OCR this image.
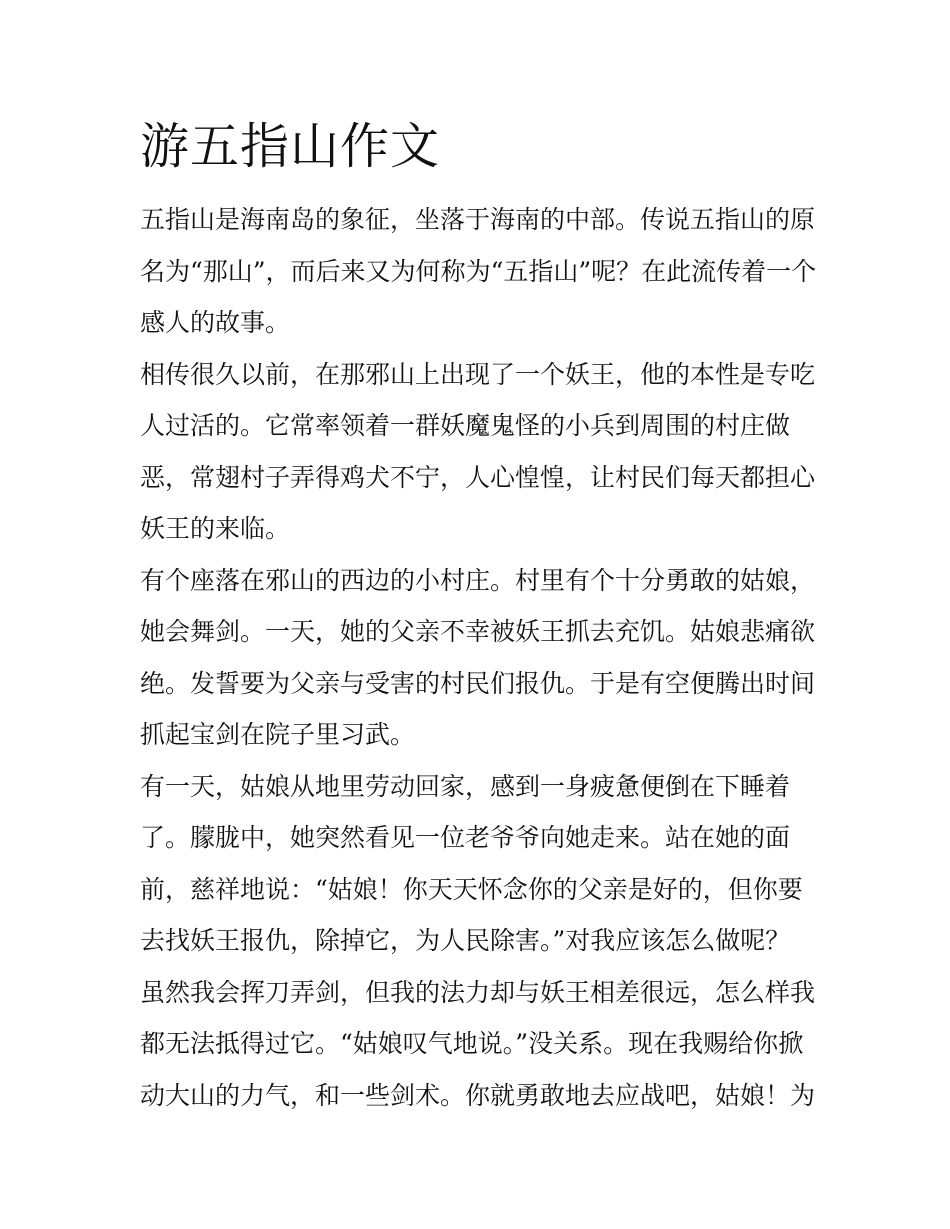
游五指山作文

五指山是海南岛的象征，坐落于海南的中部。传说五指山的原
名为“那山”，而后来又为何称为“五指山”呢？在此流传着一个
感人的故事。

相传很久以前，在那邪山上出现了一个妖王，他的本性是专吃
人过活的。它常率领着一群妖魔鬼怪的小兵到周围的村庄做
恶，常翅村子弄得鸡犬不宁，人心惶惶，让村民们每天都担心
妖王的来临。

有个座落在邪山的西边的小村庄。村里有个十分勇敢的姑娘，
她会舞剑。一天，她的父亲不幸被妖王抓去充饥。姑娘悲痛欲
绝。发誓要为父亲与受害的村民们报仇。于是有空便腾出时间
抓起宝剑在院子里习武。

有一天，姑娘从地里劳动回家，感到一身疲惫便倒在下睡着
了。朦胧中，她突然看见一位老爷爷向她走来。站在她的面
前，慈祥地说：“姑娘！你天天怀念你的父亲是好的，但你要
去找妖王报仇，除掉它，为人民除害。”对我应该怎么做呢？
虽然我会挥刀弄剑，但我的法力却与妖王相差很远，怎么样我
都无法抵得过它。“姑娘叹气地说。”没关系。现在我赐给你掀
动大山的力气，和一些剑术。你就勇敢地去应战吧，姑娘！为
